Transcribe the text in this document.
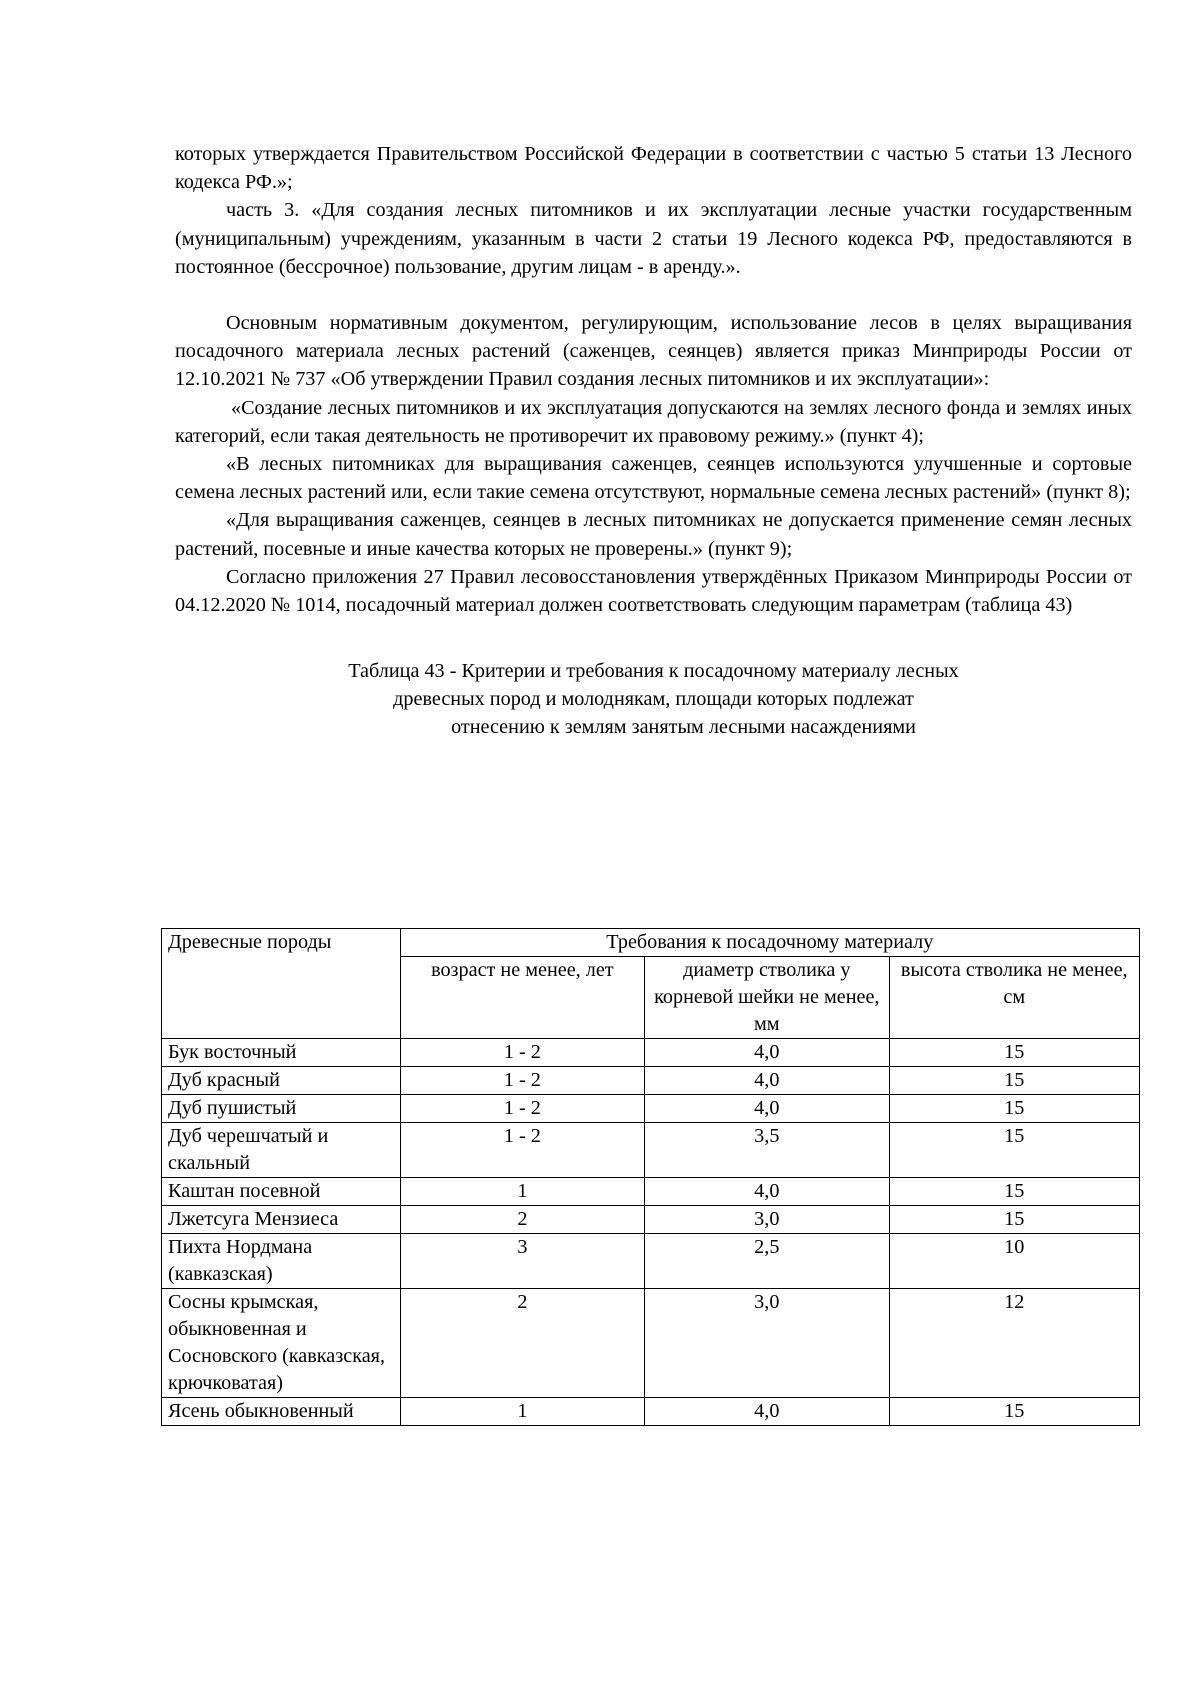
которых утверждается Правительством Российской Федерации в соответствии с частью 5 статьи 13 Лесного кодекса РФ.»;

часть 3. «Для создания лесных питомников и их эксплуатации лесные участки государственным (муниципальным) учреждениям, указанным в части 2 статьи 19 Лесного кодекса РФ, предоставляются в постоянное (бессрочное) пользование, другим лицам - в аренду.».

Основным нормативным документом, регулирующим, использование лесов в целях выращивания посадочного материала лесных растений (саженцев, сеянцев) является приказ Минприроды России от 12.10.2021 № 737 «Об утверждении Правил создания лесных питомников и их эксплуатации»:

«Создание лесных питомников и их эксплуатация допускаются на землях лесного фонда и землях иных категорий, если такая деятельность не противоречит их правовому режиму.» (пункт 4);

«В лесных питомниках для выращивания саженцев, сеянцев используются улучшенные и сортовые семена лесных растений или, если такие семена отсутствуют, нормальные семена лесных растений» (пункт 8);

«Для выращивания саженцев, сеянцев в лесных питомниках не допускается применение семян лесных растений, посевные и иные качества которых не проверены.» (пункт 9);

Согласно приложения 27 Правил лесовосстановления утверждённых Приказом Минприроды России от 04.12.2020 № 1014, посадочный материал должен соответствовать следующим параметрам (таблица 43)

Таблица 43 - Критерии и требования к посадочному материалу лесных
древесных пород и молоднякам, площади которых подлежат
отнесению к землям занятым лесными насаждениями
Древесные породы	Требования к посадочному материалу		
	возраст не менее, лет	диаметр стволика у корневой шейки не менее, мм	высота стволика не менее, см
Бук восточный	1 - 2	4,0	15
Дуб красный	1 - 2	4,0	15
Дуб пушистый	1 - 2	4,0	15
Дуб черешчатый и скальный	1 - 2	3,5	15
Каштан посевной	1	4,0	15
Лжетсуга Мензиеса	2	3,0	15
Пихта Нордмана (кавказская)	3	2,5	10
Сосны крымская, обыкновенная и Сосновского (кавказская, крючковатая)	2	3,0	12
Ясень обыкновенный	1	4,0	15
